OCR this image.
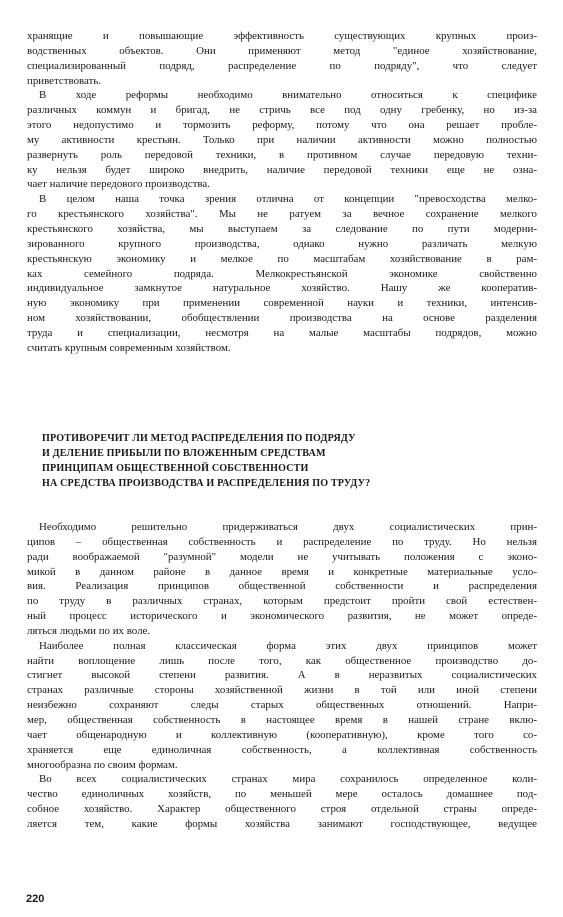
хранящие и повышающие эффективность существующих крупных произ-
водственных объектов. Они применяют метод "единое хозяйствование,
специализированный подряд, распределение по подряду", что следует
приветствовать.
В ходе реформы необходимо внимательно относиться к специфике
различных коммун и бригад, не стричь все под одну гребенку, но из-за
этого недопустимо и тормозить реформу, потому что она решает пробле-
му активности крестьян. Только при наличии активности можно полностью
развернуть роль передовой техники, в противном случае передовую техни-
ку нельзя будет широко внедрить, наличие передовой техники еще не озна-
чает наличие передового производства.
В целом наша точка зрения отлична от концепции "превосходства мелко-
го крестьянского хозяйства". Мы не ратуем за вечное сохранение мелкого
крестьянского хозяйства, мы выступаем за следование по пути модерни-
зированного крупного производства, однако нужно различать мелкую
крестьянскую экономику и мелкое по масштабам хозяйствование в рам-
ках семейного подряда. Мелкокрестьянской экономике свойственно
индивидуальное замкнутое натуральное хозяйство. Нашу же кооператив-
ную экономику при применении современной науки и техники, интенсив-
ном хозяйствовании, обобществлении производства на основе разделения
труда и специализации, несмотря на малые масштабы подрядов, можно
считать крупным современным хозяйством.
ПРОТИВОРЕЧИТ ЛИ МЕТОД РАСПРЕДЕЛЕНИЯ ПО ПОДРЯДУ
И ДЕЛЕНИЕ ПРИБЫЛИ ПО ВЛОЖЕННЫМ СРЕДСТВАМ
ПРИНЦИПАМ ОБЩЕСТВЕННОЙ СОБСТВЕННОСТИ
НА СРЕДСТВА ПРОИЗВОДСТВА И РАСПРЕДЕЛЕНИЯ ПО ТРУДУ?
Необходимо решительно придерживаться двух социалистических прин-
ципов – общественная собственность и распределение по труду. Но нельзя
ради воображаемой "разумной" модели не учитывать положения с эконо-
микой в данном районе в данное время и конкретные материальные усло-
вия. Реализация принципов общественной собственности и распределения
по труду в различных странах, которым предстоит пройти свой естествен-
ный процесс исторического и экономического развития, не может опреде-
ляться людьми по их воле.
Наиболее полная классическая форма этих двух принципов может
найти воплощение лишь после того, как общественное производство до-
стигнет высокой степени развития. А в неразвитых социалистических
странах различные стороны хозяйственной жизни в той или иной степени
неизбежно сохраняют следы старых общественных отношений. Напри-
мер, общественная собственность в настоящее время в нашей стране вклю-
чает общенародную и коллективную (кооперативную), кроме того со-
храняется еще единоличная собственность, а коллективная собственность
многообразна по своим формам.
Во всех социалистических странах мира сохранилось определенное коли-
чество единоличных хозяйств, по меньшей мере осталось домашнее под-
собное хозяйство. Характер общественного строя отдельной страны опреде-
ляется тем, какие формы хозяйства занимают господствующее, ведущее
220
